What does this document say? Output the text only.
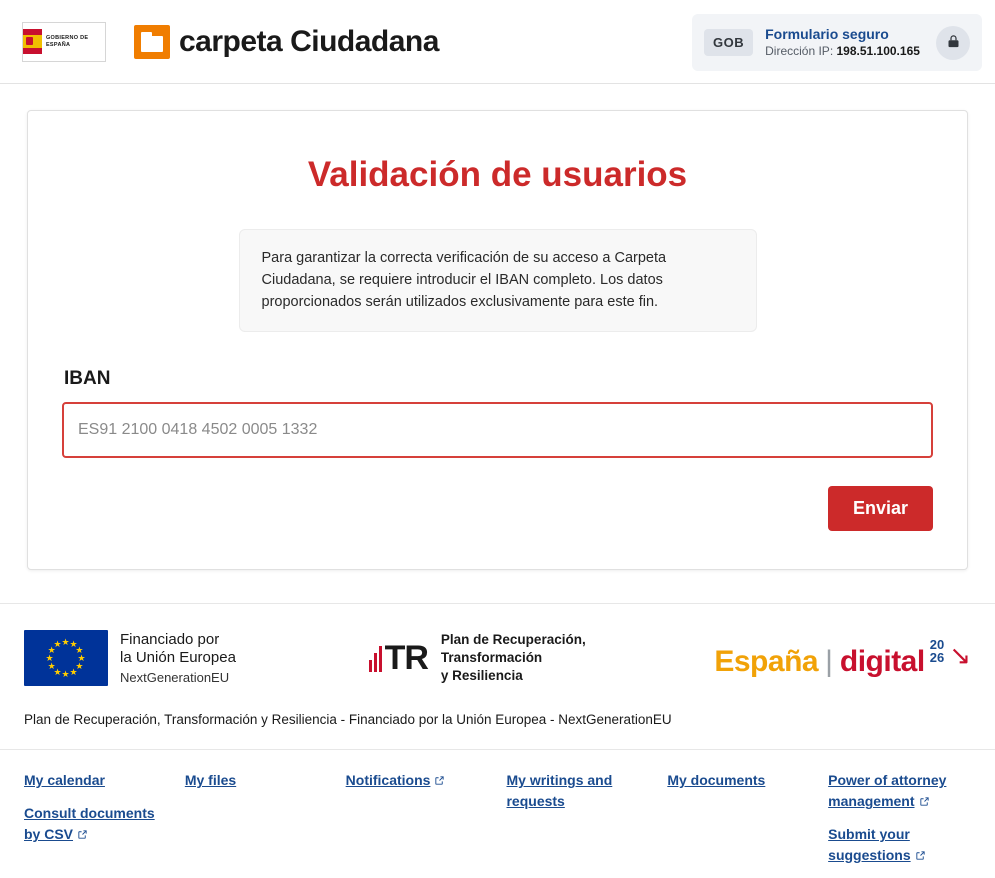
GOBIERNO DE ESPAÑA	carpeta Ciudadana	GOB
Formulario seguro
Dirección IP: 198.51.100.165
Validación de usuarios
Para garantizar la correcta verificación de su acceso a Carpeta Ciudadana, se requiere introducir el IBAN completo. Los datos proporcionados serán utilizados exclusivamente para este fin.
IBAN
ES91 2100 0418 4502 0005 1332
Enviar
★ ★
★
★
★
★
★
★
★
★
★
★	Financiado por
la Unión Europea
NextGenerationEU
TR Plan de Recuperación,
Transformación
y Resiliencia	España | digital
20
26 ↘
Plan de Recuperación, Transformación y Resiliencia - Financiado por la Unión Europea - NextGenerationEU
My calendar Consult documents by CSV
My files	Notifications	My writings and requests
My documents	Power of attorney management Submit your suggestions
